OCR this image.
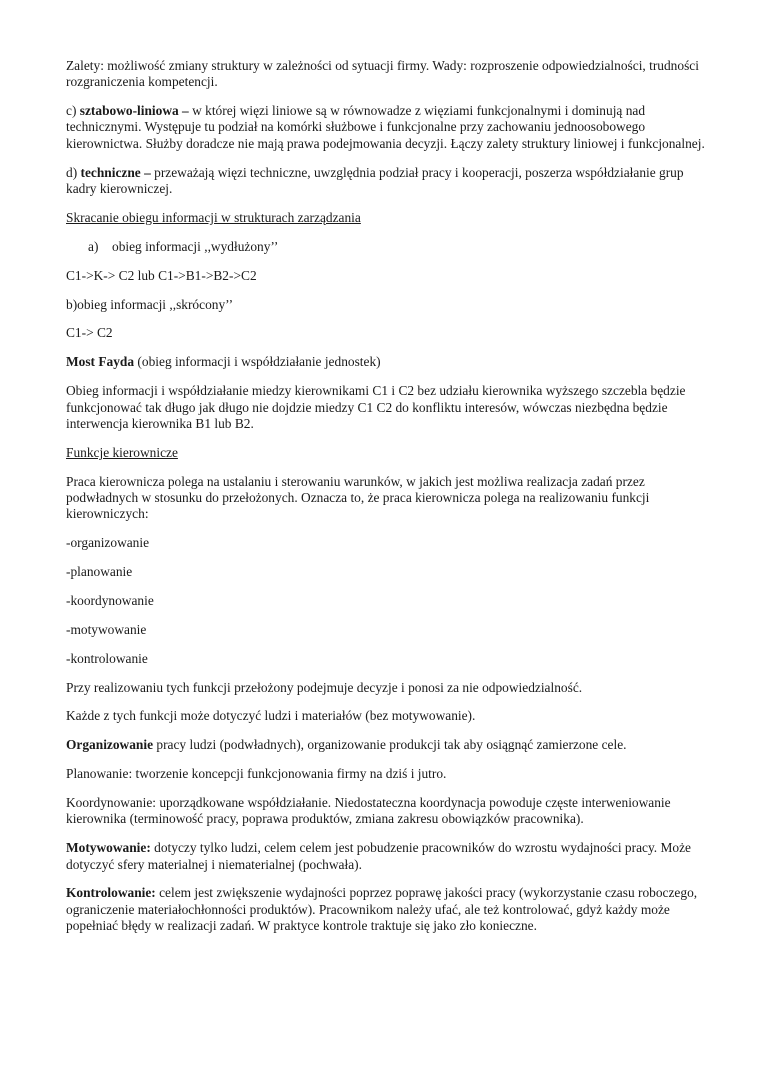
Zalety: możliwość zmiany struktury w zależności od sytuacji firmy. Wady: rozproszenie odpowiedzialności, trudności rozgraniczenia kompetencji.

c) sztabowo-liniowa – w której więzi liniowe są w równowadze z więziami funkcjonalnymi i dominują nad technicznymi. Występuje tu podział na komórki służbowe i funkcjonalne przy zachowaniu jednoosobowego kierownictwa. Służby doradcze nie mają prawa podejmowania decyzji. Łączy zalety struktury liniowej i funkcjonalnej.

d) techniczne – przeważają więzi techniczne, uwzględnia podział pracy i kooperacji, poszerza współdziałanie grup kadry kierowniczej.

Skracanie obiegu informacji w strukturach zarządzania

a) obieg informacji ,,wydłużony’’

C1->K-> C2 lub C1->B1->B2->C2

b)obieg informacji ,,skrócony’’

C1-> C2

Most Fayda (obieg informacji i współdziałanie jednostek)

Obieg informacji i współdziałanie miedzy kierownikami C1 i C2 bez udziału kierownika wyższego szczebla będzie funkcjonować tak długo jak długo nie dojdzie miedzy C1 C2 do konfliktu interesów, wówczas niezbędna będzie interwencja kierownika B1 lub B2.

Funkcje kierownicze

Praca kierownicza polega na ustalaniu i sterowaniu warunków, w jakich jest możliwa realizacja zadań przez podwładnych w stosunku do przełożonych. Oznacza to, że praca kierownicza polega na realizowaniu funkcji kierowniczych:

-organizowanie

-planowanie

-koordynowanie

-motywowanie

-kontrolowanie

Przy realizowaniu tych funkcji przełożony podejmuje decyzje i ponosi za nie odpowiedzialność.

Każde z tych funkcji może dotyczyć ludzi i materiałów (bez motywowanie).

Organizowanie pracy ludzi (podwładnych), organizowanie produkcji tak aby osiągnąć zamierzone cele.

Planowanie: tworzenie koncepcji funkcjonowania firmy na dziś i jutro.

Koordynowanie: uporządkowane współdziałanie. Niedostateczna koordynacja powoduje częste interweniowanie kierownika (terminowość pracy, poprawa produktów, zmiana zakresu obowiązków pracownika).

Motywowanie: dotyczy tylko ludzi, celem celem jest pobudzenie pracowników do wzrostu wydajności pracy. Może dotyczyć sfery materialnej i niematerialnej (pochwała).

Kontrolowanie: celem jest zwiększenie wydajności poprzez poprawę jakości pracy (wykorzystanie czasu roboczego, ograniczenie materiałochłonności produktów). Pracownikom należy ufać, ale też kontrolować, gdyż każdy może popełniać błędy w realizacji zadań. W praktyce kontrole traktuje się jako zło konieczne.
